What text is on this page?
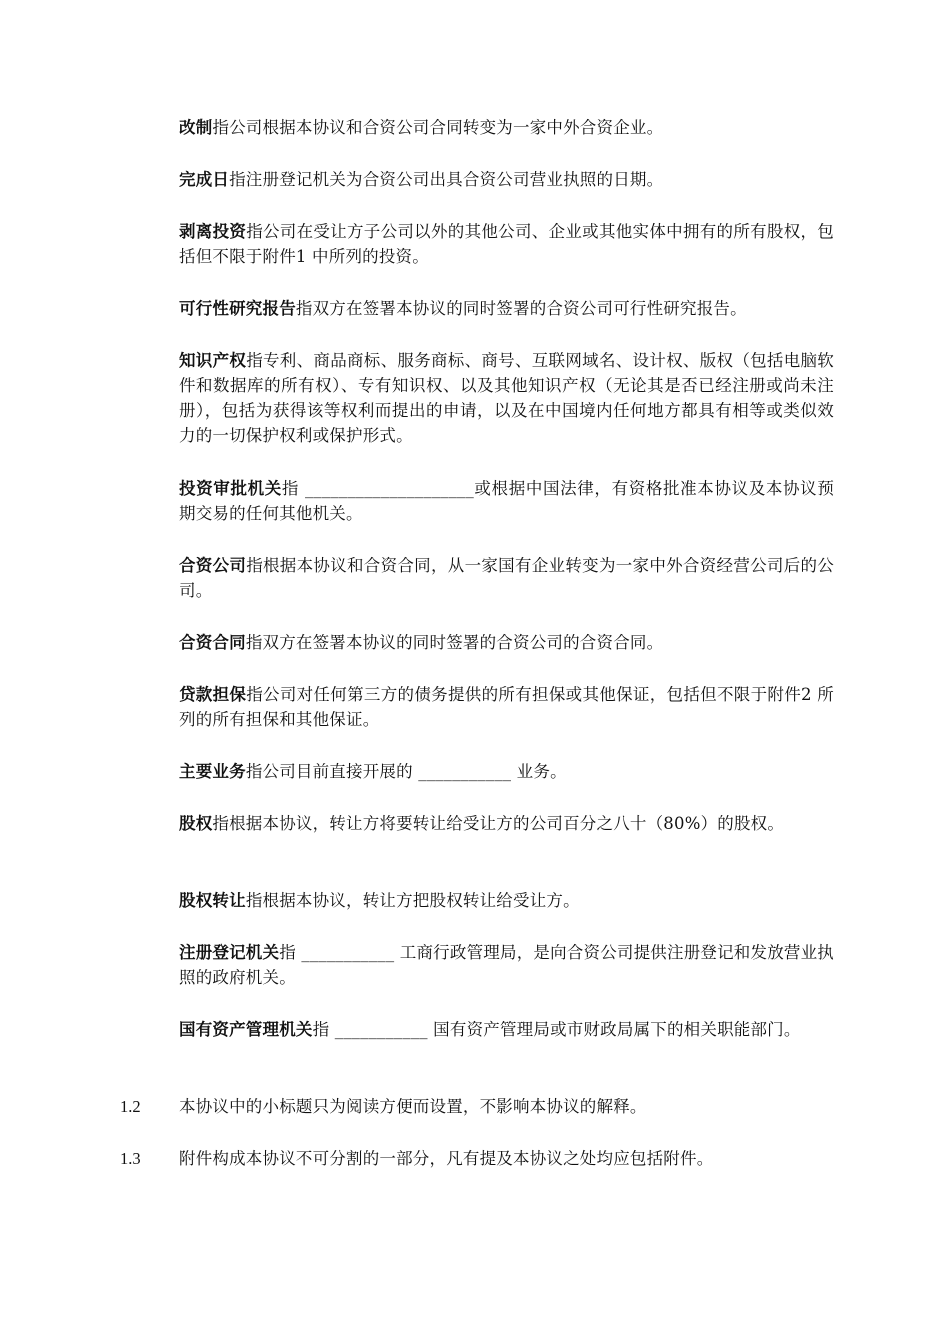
改制指公司根据本协议和合资公司合同转变为一家中外合资企业。

完成日指注册登记机关为合资公司出具合资公司营业执照的日期。

剥离投资指公司在受让方子公司以外的其他公司、企业或其他实体中拥有的所有股权，包括但不限于附件1 中所列的投资。

可行性研究报告指双方在签署本协议的同时签署的合资公司可行性研究报告。

知识产权指专利、商品商标、服务商标、商号、互联网域名、设计权、版权（包括电脑软件和数据库的所有权）、专有知识权、以及其他知识产权（无论其是否已经注册或尚未注册），包括为获得该等权利而提出的申请，以及在中国境内任何地方都具有相等或类似效力的一切保护权利或保护形式。

投资审批机关指 ____________________或根据中国法律，有资格批准本协议及本协议预期交易的任何其他机关。

合资公司指根据本协议和合资合同，从一家国有企业转变为一家中外合资经营公司后的公司。

合资合同指双方在签署本协议的同时签署的合资公司的合资合同。

贷款担保指公司对任何第三方的债务提供的所有担保或其他保证，包括但不限于附件2 所列的所有担保和其他保证。

主要业务指公司目前直接开展的 ___________ 业务。

股权指根据本协议，转让方将要转让给受让方的公司百分之八十（80%）的股权。

股权转让指根据本协议，转让方把股权转让给受让方。

注册登记机关指 ___________ 工商行政管理局，是向合资公司提供注册登记和发放营业执照的政府机关。

国有资产管理机关指 ___________ 国有资产管理局或市财政局属下的相关职能部门。

1.2 本协议中的小标题只为阅读方便而设置，不影响本协议的解释。
1.3 附件构成本协议不可分割的一部分，凡有提及本协议之处均应包括附件。
